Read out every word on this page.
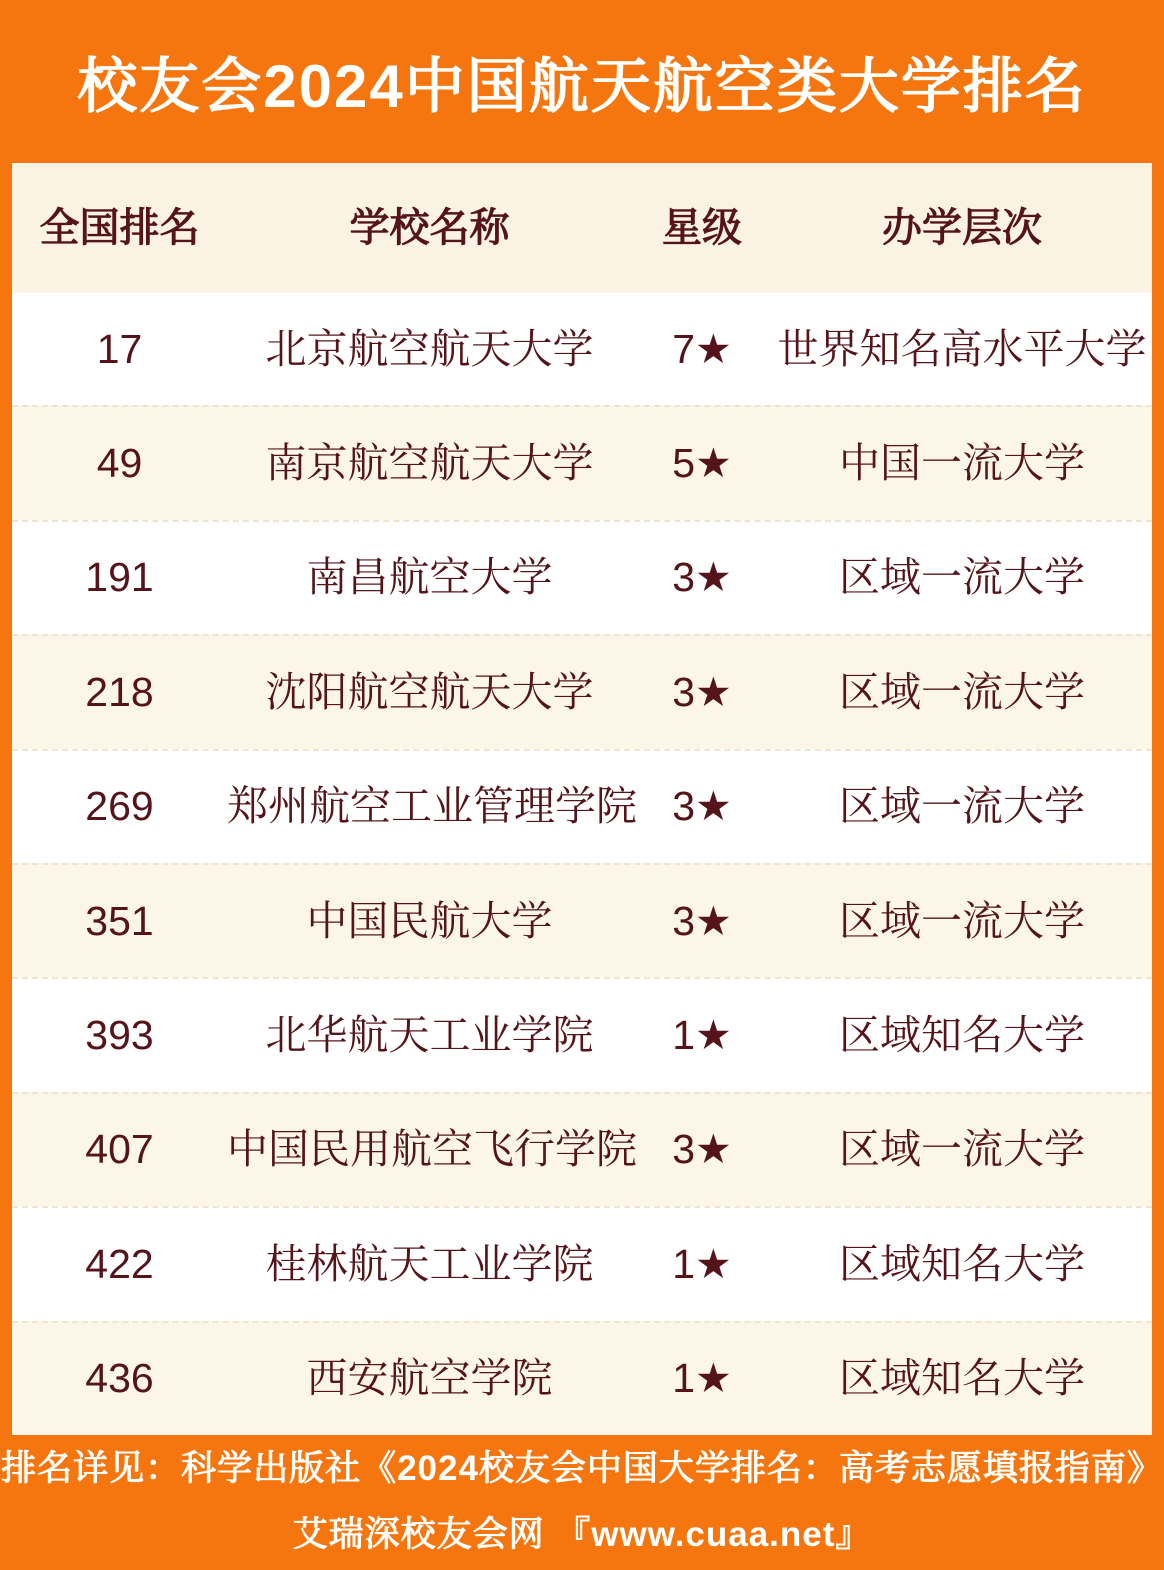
校友会2024中国航天航空类大学排名
全国排名	学校名称	星级	办学层次
17	北京航空航天大学	7★	世界知名高水平大学
49	南京航空航天大学	5★	中国一流大学
191	南昌航空大学	3★	区域一流大学
218	沈阳航空航天大学	3★	区域一流大学
269	郑州航空工业管理学院 3★	区域一流大学
351	中国民航大学	3★	区域一流大学
393	北华航天工业学院	1★	区域知名大学
407	中国民用航空飞行学院 3★	区域一流大学
422	桂林航天工业学院	1★	区域知名大学
436	西安航空学院	1★	区域知名大学
排名详见：科学出版社《2024校友会中国大学排名：高考志愿填报指南》
艾瑞深校友会网 『www.cuaa.net』
